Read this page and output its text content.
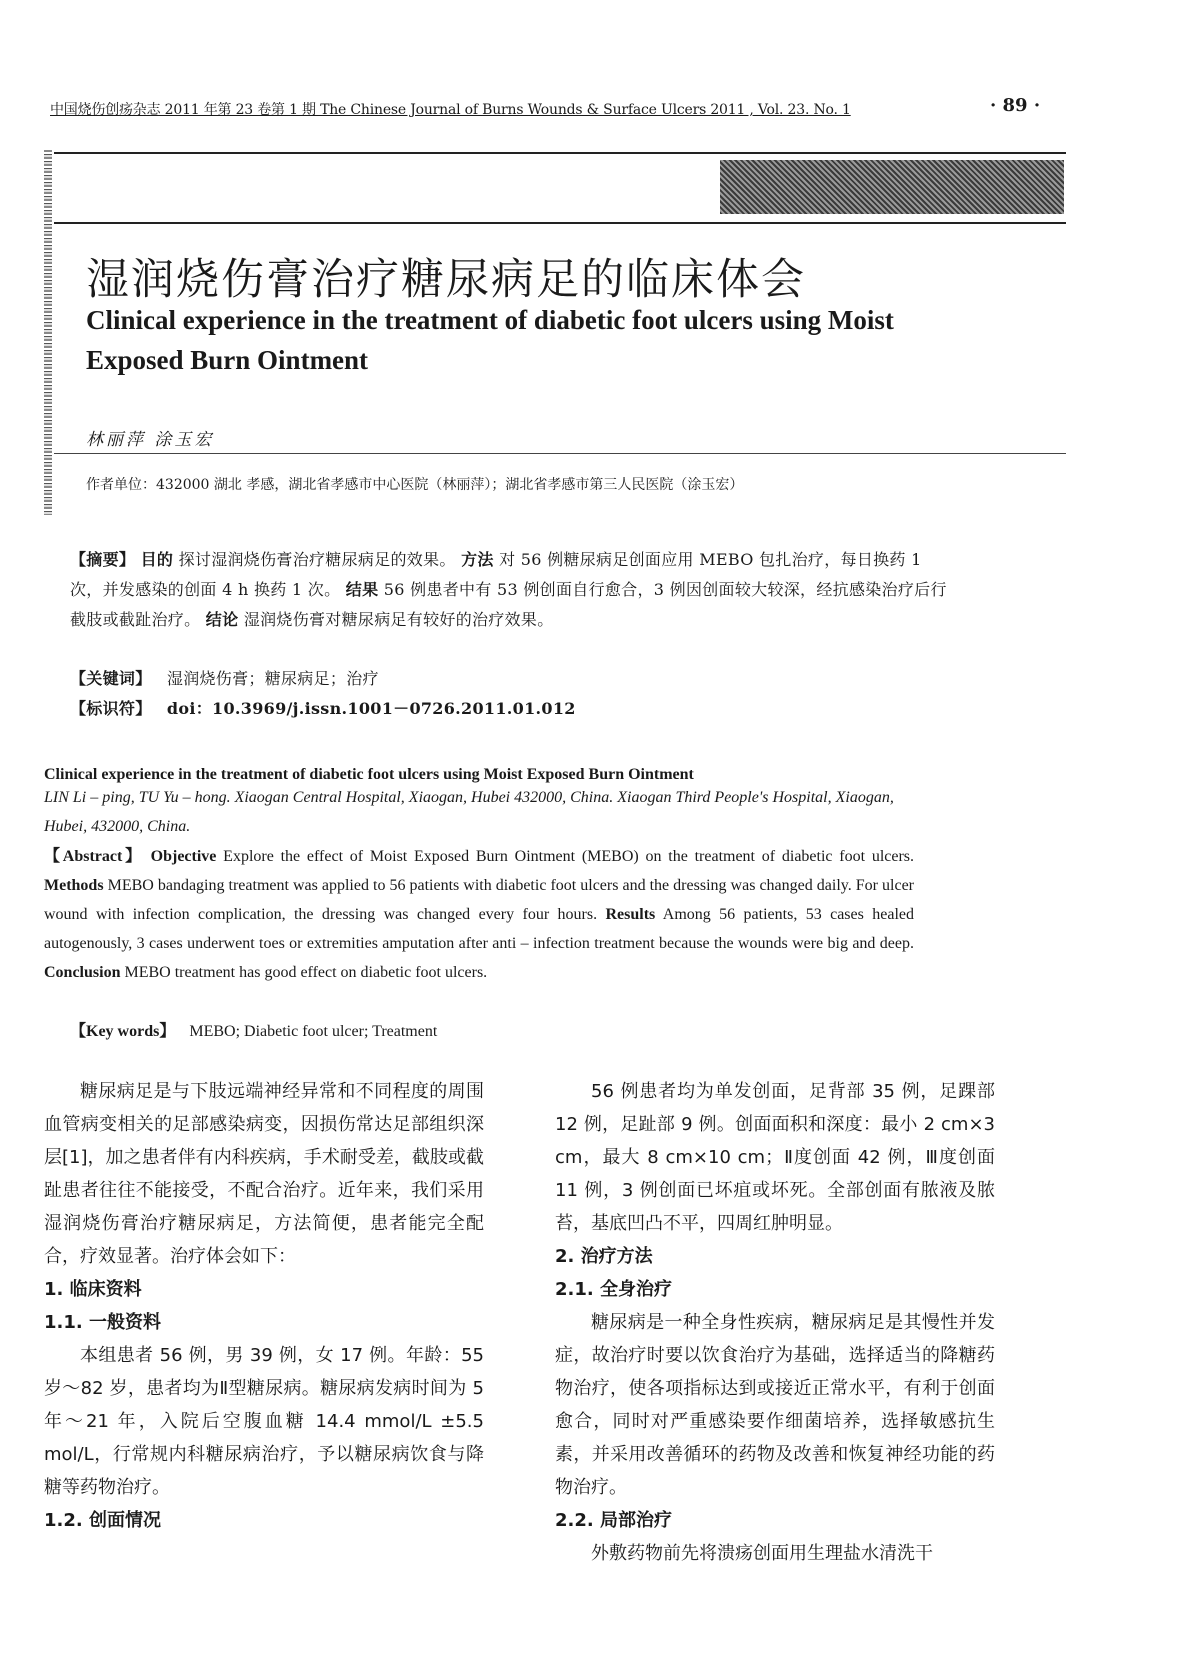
中国烧伤创疡杂志 2011 年第 23 卷第 1 期 The Chinese Journal of Burns Wounds & Surface Ulcers 2011 , Vol. 23. No. 1	· 89 ·
湿润烧伤膏治疗糖尿病足的临床体会
Clinical experience in the treatment of diabetic foot ulcers using Moist Exposed Burn Ointment
林丽萍 涂玉宏
作者单位：432000 湖北 孝感，湖北省孝感市中心医院（林丽萍）；湖北省孝感市第三人民医院（涂玉宏）
【摘要】 目的 探讨湿润烧伤膏治疗糖尿病足的效果。 方法 对 56 例糖尿病足创面应用 MEBO 包扎治疗，每日换药 1 次，并发感染的创面 4 h 换药 1 次。 结果 56 例患者中有 53 例创面自行愈合，3 例因创面较大较深，经抗感染治疗后行截肢或截趾治疗。 结论 湿润烧伤膏对糖尿病足有较好的治疗效果。
【关键词】 湿润烧伤膏；糖尿病足；治疗
【标识符】 doi：10.3969/j.issn.1001－0726.2011.01.012
Clinical experience in the treatment of diabetic foot ulcers using Moist Exposed Burn Ointment
LIN Li – ping, TU Yu – hong. Xiaogan Central Hospital, Xiaogan, Hubei 432000, China. Xiaogan Third People's Hospital, Xiaogan, Hubei, 432000, China.
【Abstract】 Objective Explore the effect of Moist Exposed Burn Ointment (MEBO) on the treatment of diabetic foot ulcers. Methods MEBO bandaging treatment was applied to 56 patients with diabetic foot ulcers and the dressing was changed daily. For ulcer wound with infection complication, the dressing was changed every four hours. Results Among 56 patients, 53 cases healed autogenously, 3 cases underwent toes or extremities amputation after anti – infection treatment because the wounds were big and deep. Conclusion MEBO treatment has good effect on diabetic foot ulcers.
【Key words】 MEBO; Diabetic foot ulcer; Treatment

糖尿病足是与下肢远端神经异常和不同程度的周围血管病变相关的足部感染病变，因损伤常达足部组织深层[1]，加之患者伴有内科疾病，手术耐受差，截肢或截趾患者往往不能接受，不配合治疗。近年来，我们采用湿润烧伤膏治疗糖尿病足，方法简便，患者能完全配合，疗效显著。治疗体会如下：

1. 临床资料

1.1. 一般资料

本组患者 56 例，男 39 例，女 17 例。年龄：55 岁～82 岁，患者均为Ⅱ型糖尿病。糖尿病发病时间为 5 年～21 年，入院后空腹血糖 14.4 mmol/L ±5.5 mol/L，行常规内科糖尿病治疗，予以糖尿病饮食与降糖等药物治疗。

1.2. 创面情况

56 例患者均为单发创面，足背部 35 例，足踝部 12 例，足趾部 9 例。创面面积和深度：最小 2 cm×3 cm，最大 8 cm×10 cm；Ⅱ度创面 42 例，Ⅲ度创面 11 例，3 例创面已坏疽或坏死。全部创面有脓液及脓苔，基底凹凸不平，四周红肿明显。

2. 治疗方法

2.1. 全身治疗

糖尿病是一种全身性疾病，糖尿病足是其慢性并发症，故治疗时要以饮食治疗为基础，选择适当的降糖药物治疗，使各项指标达到或接近正常水平，有利于创面愈合，同时对严重感染要作细菌培养，选择敏感抗生素，并采用改善循环的药物及改善和恢复神经功能的药物治疗。

2.2. 局部治疗

外敷药物前先将溃疡创面用生理盐水清洗干
